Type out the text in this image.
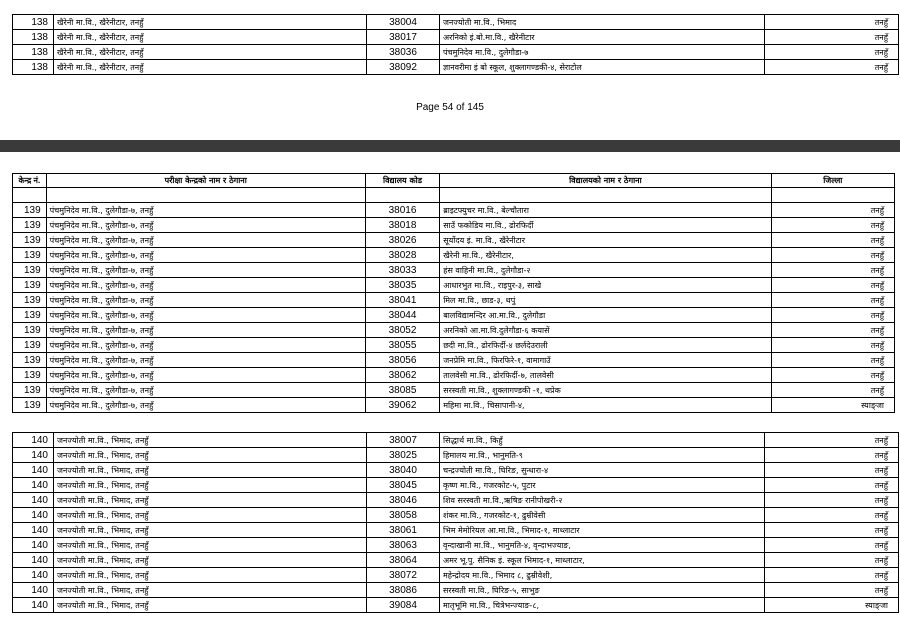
138	खैरेनी मा.वि., खैरेनीटार, तनहुँ	38004	जनज्योती मा.वि., भिमाद	तनहुँ
138	खैरेनी मा.वि., खैरेनीटार, तनहुँ	38017	अरनिको इं.बो.मा.वि., खैरेनीटार	तनहुँ
138	खैरेनी मा.वि., खैरेनीटार, तनहुँ	38036	पंचमुनिदेव मा.वि., दुलेगौडा-७	तनहुँ
138	खैरेनी मा.वि., खैरेनीटार, तनहुँ	38092	ज्ञानवरीमा इं बो स्कूल, शुक्लागण्डकी-४, सेराटोल	तनहुँ
Page 54 of 145
केन्द्र नं.	परीक्षा केन्द्रको नाम र ठेगाना	विद्यालय कोड	विद्यालयको नाम र ठेगाना	जिल्ला

139	पंचमुनिदेव मा.वि., दुलेगौडा-७, तनहुँ	38016	ब्राइटफ्युचर मा.वि., बेल्चौतारा	तनहुँ
139	पंचमुनिदेव मा.वि., दुलेगौडा-७, तनहुँ	38018	साउँ फकोडिय मा.वि., ढोरफिर्दी	तनहुँ
139	पंचमुनिदेव मा.वि., दुलेगौडा-७, तनहुँ	38026	सूर्योदय इं. मा.वि., खैरेनीटार	तनहुँ
139	पंचमुनिदेव मा.वि., दुलेगौडा-७, तनहुँ	38028	खैरेनी मा.वि., खैरेनीटार,	तनहुँ
139	पंचमुनिदेव मा.वि., दुलेगौडा-७, तनहुँ	38033	हंस वाहिनी मा.वि., दुलेगौडा-२	तनहुँ
139	पंचमुनिदेव मा.वि., दुलेगौडा-७, तनहुँ	38035	आधारभुत मा.वि., राइपुर-३, साखे	तनहुँ
139	पंचमुनिदेव मा.वि., दुलेगौडा-७, तनहुँ	38041	मिल मा.वि., छाड-३, थपुं	तनहुँ
139	पंचमुनिदेव मा.वि., दुलेगौडा-७, तनहुँ	38044	बालविद्यामन्दिर आ.मा.वि., दुलेगौडा	तनहुँ
139	पंचमुनिदेव मा.वि., दुलेगौडा-७, तनहुँ	38052	अरनिको आ.मा.वि.दुलेगौडा-६ कयासें	तनहुँ
139	पंचमुनिदेव मा.वि., दुलेगौडा-७, तनहुँ	38055	छदी मा.वि., ढोरफिर्दी-४ छर्लदेउराली	तनहुँ
139	पंचमुनिदेव मा.वि., दुलेगौडा-७, तनहुँ	38056	जनप्रेमि मा.वि., फिरफिरे-१, वामागाउँ	तनहुँ
139	पंचमुनिदेव मा.वि., दुलेगौडा-७, तनहुँ	38062	तालवेसी मा.वि., ढोरफिर्दी-७, तालवेसी	तनहुँ
139	पंचमुनिदेव मा.वि., दुलेगौडा-७, तनहुँ	38085	सरस्वती मा.वि., शुक्लागण्डकी -१, थप्रेक	तनहुँ
139	पंचमुनिदेव मा.वि., दुलेगौडा-७, तनहुँ	39062	महिमा मा.वि., चिसापानी-४,	स्याङ्जा
140	जनज्योती मा.वि., भिमाद, तनहुँ	38007	सिद्धार्थ मा.वि., किहुँ	तनहुँ
140	जनज्योती मा.वि., भिमाद, तनहुँ	38025	हिमालय मा.वि., भानुमति-९	तनहुँ
140	जनज्योती मा.वि., भिमाद, तनहुँ	38040	चन्द्रज्योती मा.वि., घिरिङ, सुन्धारा-४	तनहुँ
140	जनज्योती मा.वि., भिमाद, तनहुँ	38045	कृष्ण मा.वि., गजरकोट-५, पुटार	तनहुँ
140	जनज्योती मा.वि., भिमाद, तनहुँ	38046	शिव सरस्वती मा.वि.,ऋषिङ रानीपोखरी-२	तनहुँ
140	जनज्योती मा.वि., भिमाद, तनहुँ	38058	शंकर मा.वि., गजरकोट-१, ढुम्रीवेसी	तनहुँ
140	जनज्योती मा.वि., भिमाद, तनहुँ	38061	भिम मेमोरियल आ.मा.वि., भिमाद-१, माथ्लाटार	तनहुँ
140	जनज्योती मा.वि., भिमाद, तनहुँ	38063	वृन्दाखानी मा.वि., भानुमति-४, वृन्दाभज्याङ,	तनहुँ
140	जनज्योती मा.वि., भिमाद, तनहुँ	38064	अमर भू.पु. सैनिक इं. स्कूल भिमाद-१, माथ्लाटार,	तनहुँ
140	जनज्योती मा.वि., भिमाद, तनहुँ	38072	महेन्द्रोदय मा.वि., भिमाद ८, ढुम्रीवेशी,	तनहुँ
140	जनज्योती मा.वि., भिमाद, तनहुँ	38086	सरस्वती मा.वि., घिरिङ-५, साभुङ	तनहुँ
140	जनज्योती मा.वि., भिमाद, तनहुँ	39084	मातृभूमि मा.वि., चित्रेभन्ज्याङ-८,	स्याङ्जा
